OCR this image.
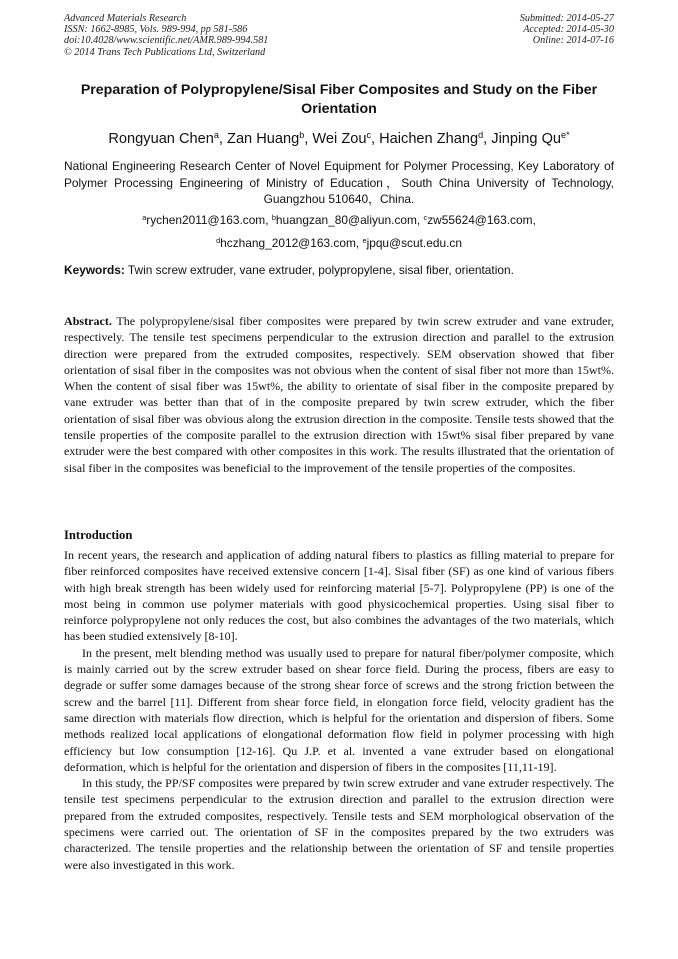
Advanced Materials Research
ISSN: 1662-8985, Vols. 989-994, pp 581-586
doi:10.4028/www.scientific.net/AMR.989-994.581
© 2014 Trans Tech Publications Ltd, Switzerland
Submitted: 2014-05-27
Accepted: 2014-05-30
Online: 2014-07-16
Preparation of Polypropylene/Sisal Fiber Composites and Study on the Fiber Orientation
Rongyuan Chen$^a$, Zan Huang$^b$, Wei Zou$^c$, Haichen Zhang$^d$, Jinping $Qu^{e*}$
National Engineering Research Center of Novel Equipment for Polymer Processing, Key Laboratory of Polymer Processing Engineering of Ministry of Education，South China University of Technology, Guangzhou 510640，China.
$^a$rychen2011@163.com, $^b$huangzan_80@aliyun.com, $^c$zw55624@163.com,
$^d$hczhang_2012@163.com, $^e$jpqu@scut.edu.cn
Keywords: Twin screw extruder, vane extruder, polypropylene, sisal fiber, orientation.
Abstract. The polypropylene/sisal fiber composites were prepared by twin screw extruder and vane extruder, respectively. The tensile test specimens perpendicular to the extrusion direction and parallel to the extrusion direction were prepared from the extruded composites, respectively. SEM observation showed that fiber orientation of sisal fiber in the composites was not obvious when the content of sisal fiber not more than 15wt%. When the content of sisal fiber was 15wt%, the ability to orientate of sisal fiber in the composite prepared by vane extruder was better than that of in the composite prepared by twin screw extruder, which the fiber orientation of sisal fiber was obvious along the extrusion direction in the composite. Tensile tests showed that the tensile properties of the composite parallel to the extrusion direction with 15wt% sisal fiber prepared by vane extruder were the best compared with other composites in this work. The results illustrated that the orientation of sisal fiber in the composites was beneficial to the improvement of the tensile properties of the composites.
Introduction

In recent years, the research and application of adding natural fibers to plastics as filling material to prepare for fiber reinforced composites have received extensive concern [1-4]. Sisal fiber (SF) as one kind of various fibers with high break strength has been widely used for reinforcing material [5-7]. Polypropylene (PP) is one of the most being in common use polymer materials with good physicochemical properties. Using sisal fiber to reinforce polypropylene not only reduces the cost, but also combines the advantages of the two materials, which has been studied extensively [8-10].

In the present, melt blending method was usually used to prepare for natural fiber/polymer composite, which is mainly carried out by the screw extruder based on shear force field. During the process, fibers are easy to degrade or suffer some damages because of the strong shear force of screws and the strong friction between the screw and the barrel [11]. Different from shear force field, in elongation force field, velocity gradient has the same direction with materials flow direction, which is helpful for the orientation and dispersion of fibers. Some methods realized local applications of elongational deformation flow field in polymer processing with high efficiency but low consumption [12-16]. Qu J.P. et al. invented a vane extruder based on elongational deformation, which is helpful for the orientation and dispersion of fibers in the composites [11,11-19].

In this study, the PP/SF composites were prepared by twin screw extruder and vane extruder respectively. The tensile test specimens perpendicular to the extrusion direction and parallel to the extrusion direction were prepared from the extruded composites, respectively. Tensile tests and SEM morphological observation of the specimens were carried out. The orientation of SF in the composites prepared by the two extruders was characterized. The tensile properties and the relationship between the orientation of SF and tensile properties were also investigated in this work.
